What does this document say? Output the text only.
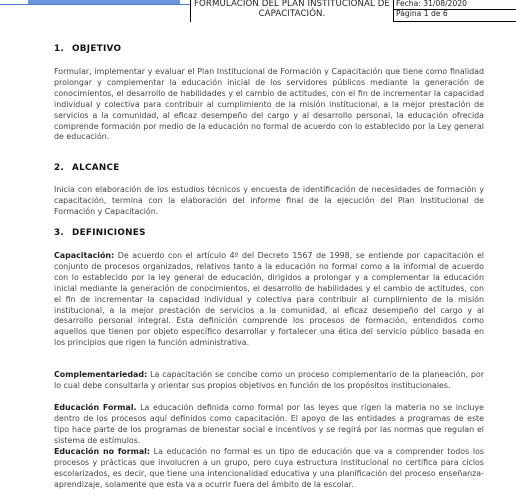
FORMULACIÓN DEL PLAN INSTITUCIONAL DE CAPACITACIÓN.
Fecha: 31/08/2020
Página 1 de 6
1. OBJETIVO

Formular, implementar y evaluar el Plan Institucional de Formación y Capacitación que tiene como finalidad prolongar y complementar la educación inicial de los servidores públicos mediante la generación de conocimientos, el desarrollo de habilidades y el cambio de actitudes, con el fin de incrementar la capacidad individual y colectiva para contribuir al cumplimiento de la misión institucional, a la mejor prestación de servicios a la comunidad, al eficaz desempeño del cargo y al desarrollo personal, la educación ofrecida comprende formación por medio de la educación no formal de acuerdo con lo establecido por la Ley general de educación.

2. ALCANCE

Inicia con elaboración de los estudios técnicos y encuesta de identificación de necesidades de formación y capacitación, termina con la elaboración del informe final de la ejecución del Plan Institucional de Formación y Capacitación.

3. DEFINICIONES

Capacitación: De acuerdo con el artículo 4º del Decreto 1567 de 1998, se entiende por capacitación el conjunto de procesos organizados, relativos tanto a la educación no formal como a la informal de acuerdo con lo establecido por la ley general de educación, dirigidos a prolongar y a complementar la educación inicial mediante la generación de conocimientos, el desarrollo de habilidades y el cambio de actitudes, con el fin de incrementar la capacidad individual y colectiva para contribuir al cumplimiento de la misión institucional, a la mejor prestación de servicios a la comunidad, al eficaz desempeño del cargo y al desarrollo personal integral. Esta definición comprende los procesos de formación, entendidos como aquellos que tienen por objeto específico desarrollar y fortalecer una ética del servicio público basada en los principios que rigen la función administrativa.

Complementariedad: La capacitación se concibe como un proceso complementario de la planeación, por lo cual debe consultarla y orientar sus propios objetivos en función de los propósitos institucionales.

Educación Formal. La educación definida como formal por las leyes que rigen la materia no se incluye dentro de los procesos aquí definidos como capacitación. El apoyo de las entidades a programas de este tipo hace parte de los programas de bienestar social e incentivos y se regirá por las normas que regulan el sistema de estímulos.

Educación no formal: La educación no formal es un tipo de educación que va a comprender todos los procesos y prácticas que involucren a un grupo, pero cuya estructura institucional no certifica para ciclos escolarizados, es decir, que tiene una intencionalidad educativa y una planificación del proceso enseñanza-aprendizaje, solamente que esta va a ocurrir fuera del ámbito de la escolar.
